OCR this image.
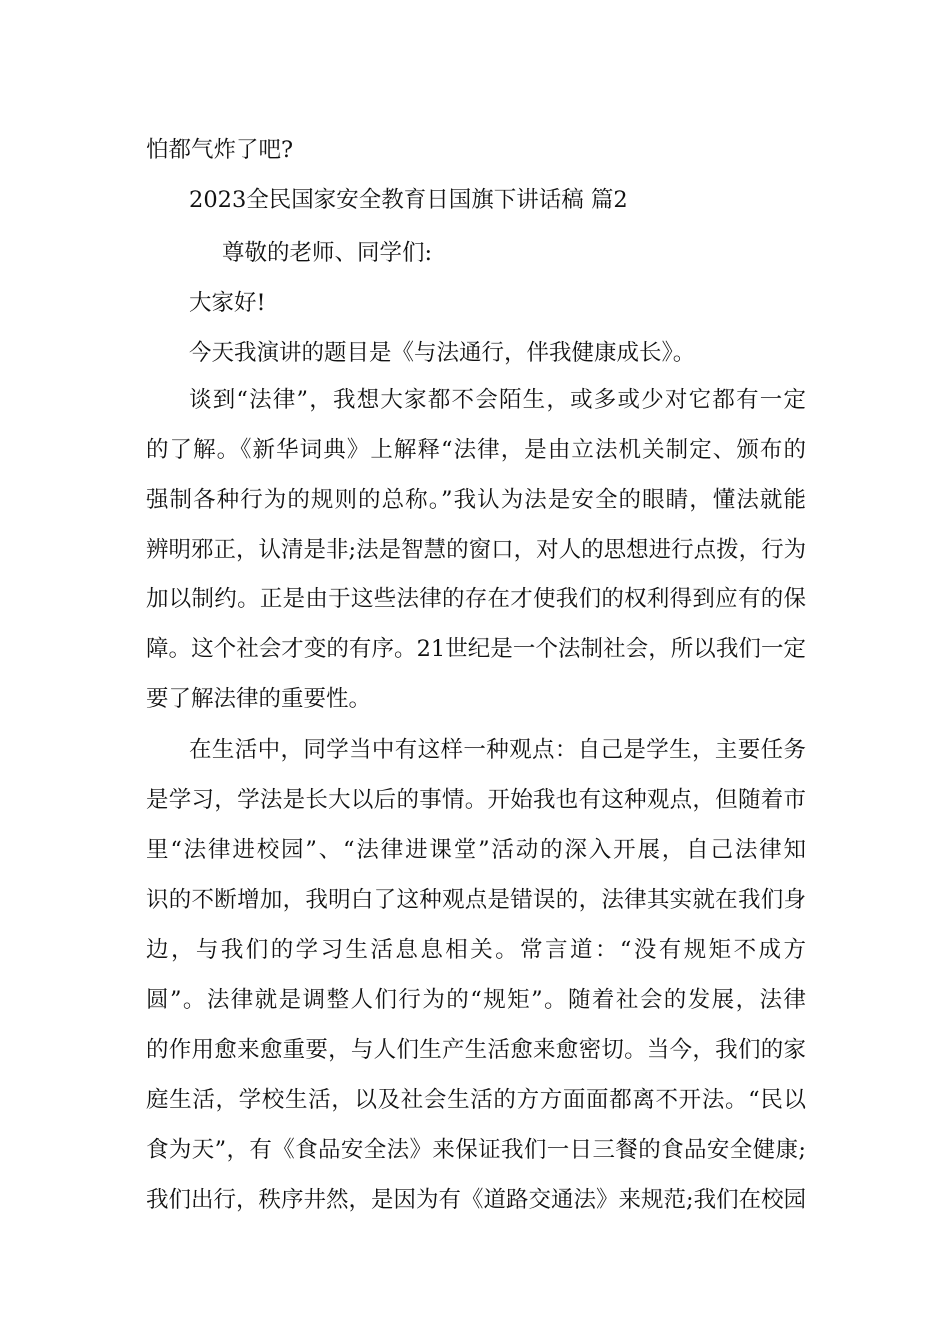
怕都气炸了吧?
2023全民国家安全教育日国旗下讲话稿 篇2
尊敬的老师、同学们:
大家好!
今天我演讲的题目是《与法通行，伴我健康成长》。
谈到“法律”，我想大家都不会陌生，或多或少对它都有一定
的了解。《新华词典》上解释“法律，是由立法机关制定、颁布的
强制各种行为的规则的总称。”我认为法是安全的眼睛，懂法就能
辨明邪正，认清是非;法是智慧的窗口，对人的思想进行点拨，行为
加以制约。正是由于这些法律的存在才使我们的权利得到应有的保
障。这个社会才变的有序。21世纪是一个法制社会，所以我们一定
要了解法律的重要性。
在生活中，同学当中有这样一种观点：自己是学生，主要任务
是学习，学法是长大以后的事情。开始我也有这种观点，但随着市
里“法律进校园”、“法律进课堂”活动的深入开展，自己法律知
识的不断增加，我明白了这种观点是错误的，法律其实就在我们身
边，与我们的学习生活息息相关。常言道：“没有规矩不成方
圆”。法律就是调整人们行为的“规矩”。随着社会的发展，法律
的作用愈来愈重要，与人们生产生活愈来愈密切。当今，我们的家
庭生活，学校生活，以及社会生活的方方面面都离不开法。“民以
食为天”，有《食品安全法》来保证我们一日三餐的食品安全健康;
我们出行，秩序井然，是因为有《道路交通法》来规范;我们在校园
